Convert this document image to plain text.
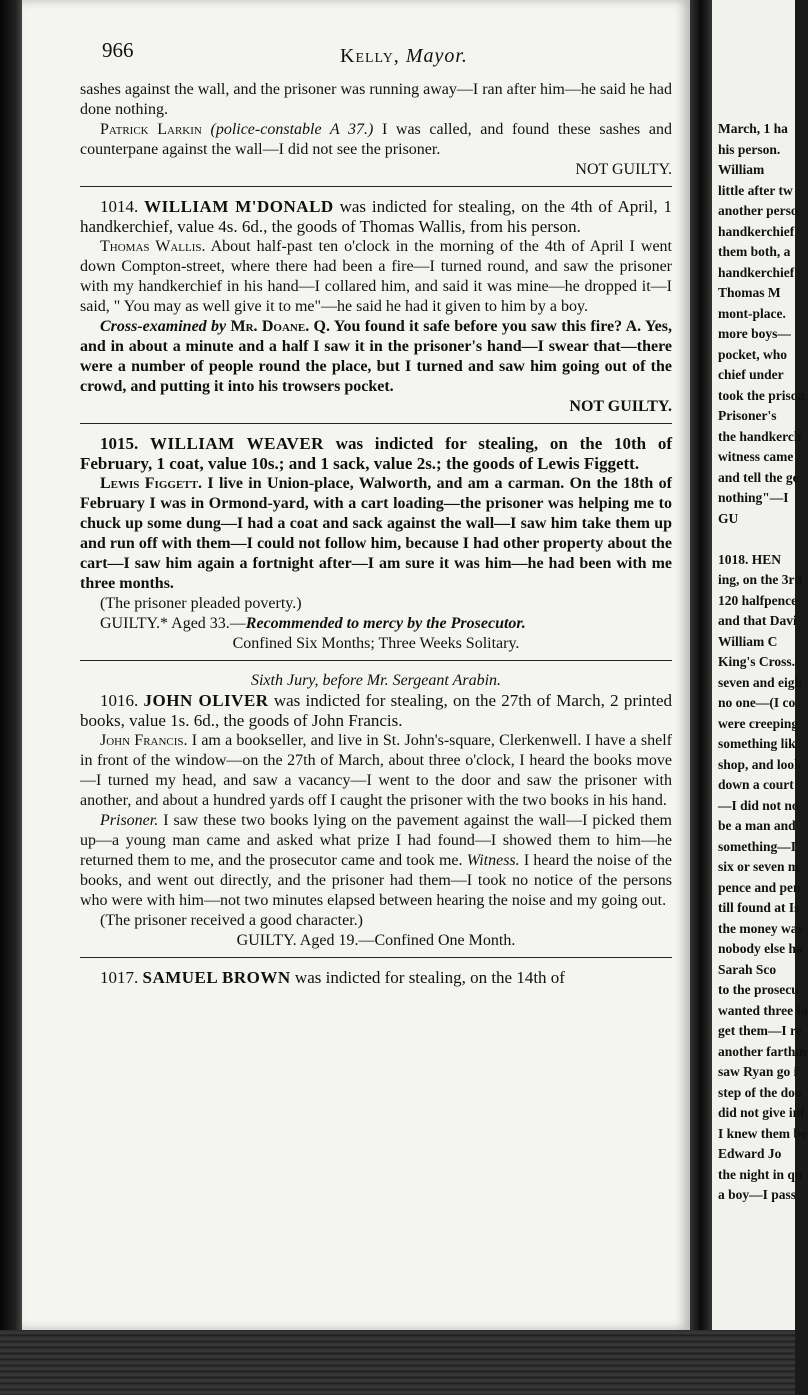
March, 1 ha
his person.
William
little after tw
another perso
handkerchief
them both, a
handkerchief
Thomas M
mont-place.
more boys—
pocket, who
chief under
took the prison
Prisoner's
the handkerch
witness came
and tell the ge
nothing"—I
GU
1018. HEN
ing, on the 3rd
120 halfpence
and that Davi
William C
King's Cross.
seven and eigh
no one—(I co
were creeping
something lik
shop, and look
down a court
—I did not no
be a man and
something—I
six or seven m
pence and pen
till found at Is
the money was
nobody else ha
Sarah Sco
to the prosecu
wanted three fa
get them—I re
another farthin
saw Ryan go i
step of the doo
did not give inf
I knew them be
Edward Jo
the night in qu
a boy—I pass
966	Kelly, Mayor.

sashes against the wall, and the prisoner was running away—I ran after him—he said he had done nothing.

Patrick Larkin (police-constable A 37.) I was called, and found these sashes and counterpane against the wall—I did not see the prisoner.

NOT GUILTY.

1014. WILLIAM M'DONALD was indicted for stealing, on the 4th of April, 1 handkerchief, value 4s. 6d., the goods of Thomas Wallis, from his person.

Thomas Wallis. About half-past ten o'clock in the morning of the 4th of April I went down Compton-street, where there had been a fire—I turned round, and saw the prisoner with my handkerchief in his hand—I collared him, and said it was mine—he dropped it—I said, " You may as well give it to me"—he said he had it given to him by a boy.

Cross-examined by Mr. Doane. Q. You found it safe before you saw this fire? A. Yes, and in about a minute and a half I saw it in the prisoner's hand—I swear that—there were a number of people round the place, but I turned and saw him going out of the crowd, and putting it into his trowsers pocket.

NOT GUILTY.

1015. WILLIAM WEAVER was indicted for stealing, on the 10th of February, 1 coat, value 10s.; and 1 sack, value 2s.; the goods of Lewis Figgett.

Lewis Figgett. I live in Union-place, Walworth, and am a carman. On the 18th of February I was in Ormond-yard, with a cart loading—the prisoner was helping me to chuck up some dung—I had a coat and sack against the wall—I saw him take them up and run off with them—I could not follow him, because I had other property about the cart—I saw him again a fortnight after—I am sure it was him—he had been with me three months.

(The prisoner pleaded poverty.)

GUILTY.* Aged 33.—Recommended to mercy by the Prosecutor.

Confined Six Months; Three Weeks Solitary.

Sixth Jury, before Mr. Sergeant Arabin.

1016. JOHN OLIVER was indicted for stealing, on the 27th of March, 2 printed books, value 1s. 6d., the goods of John Francis.

John Francis. I am a bookseller, and live in St. John's-square, Clerkenwell. I have a shelf in front of the window—on the 27th of March, about three o'clock, I heard the books move—I turned my head, and saw a vacancy—I went to the door and saw the prisoner with another, and about a hundred yards off I caught the prisoner with the two books in his hand.

Prisoner. I saw these two books lying on the pavement against the wall—I picked them up—a young man came and asked what prize I had found—I showed them to him—he returned them to me, and the prosecutor came and took me. Witness. I heard the noise of the books, and went out directly, and the prisoner had them—I took no notice of the persons who were with him—not two minutes elapsed between hearing the noise and my going out.

(The prisoner received a good character.)

GUILTY. Aged 19.—Confined One Month.

1017. SAMUEL BROWN was indicted for stealing, on the 14th of
